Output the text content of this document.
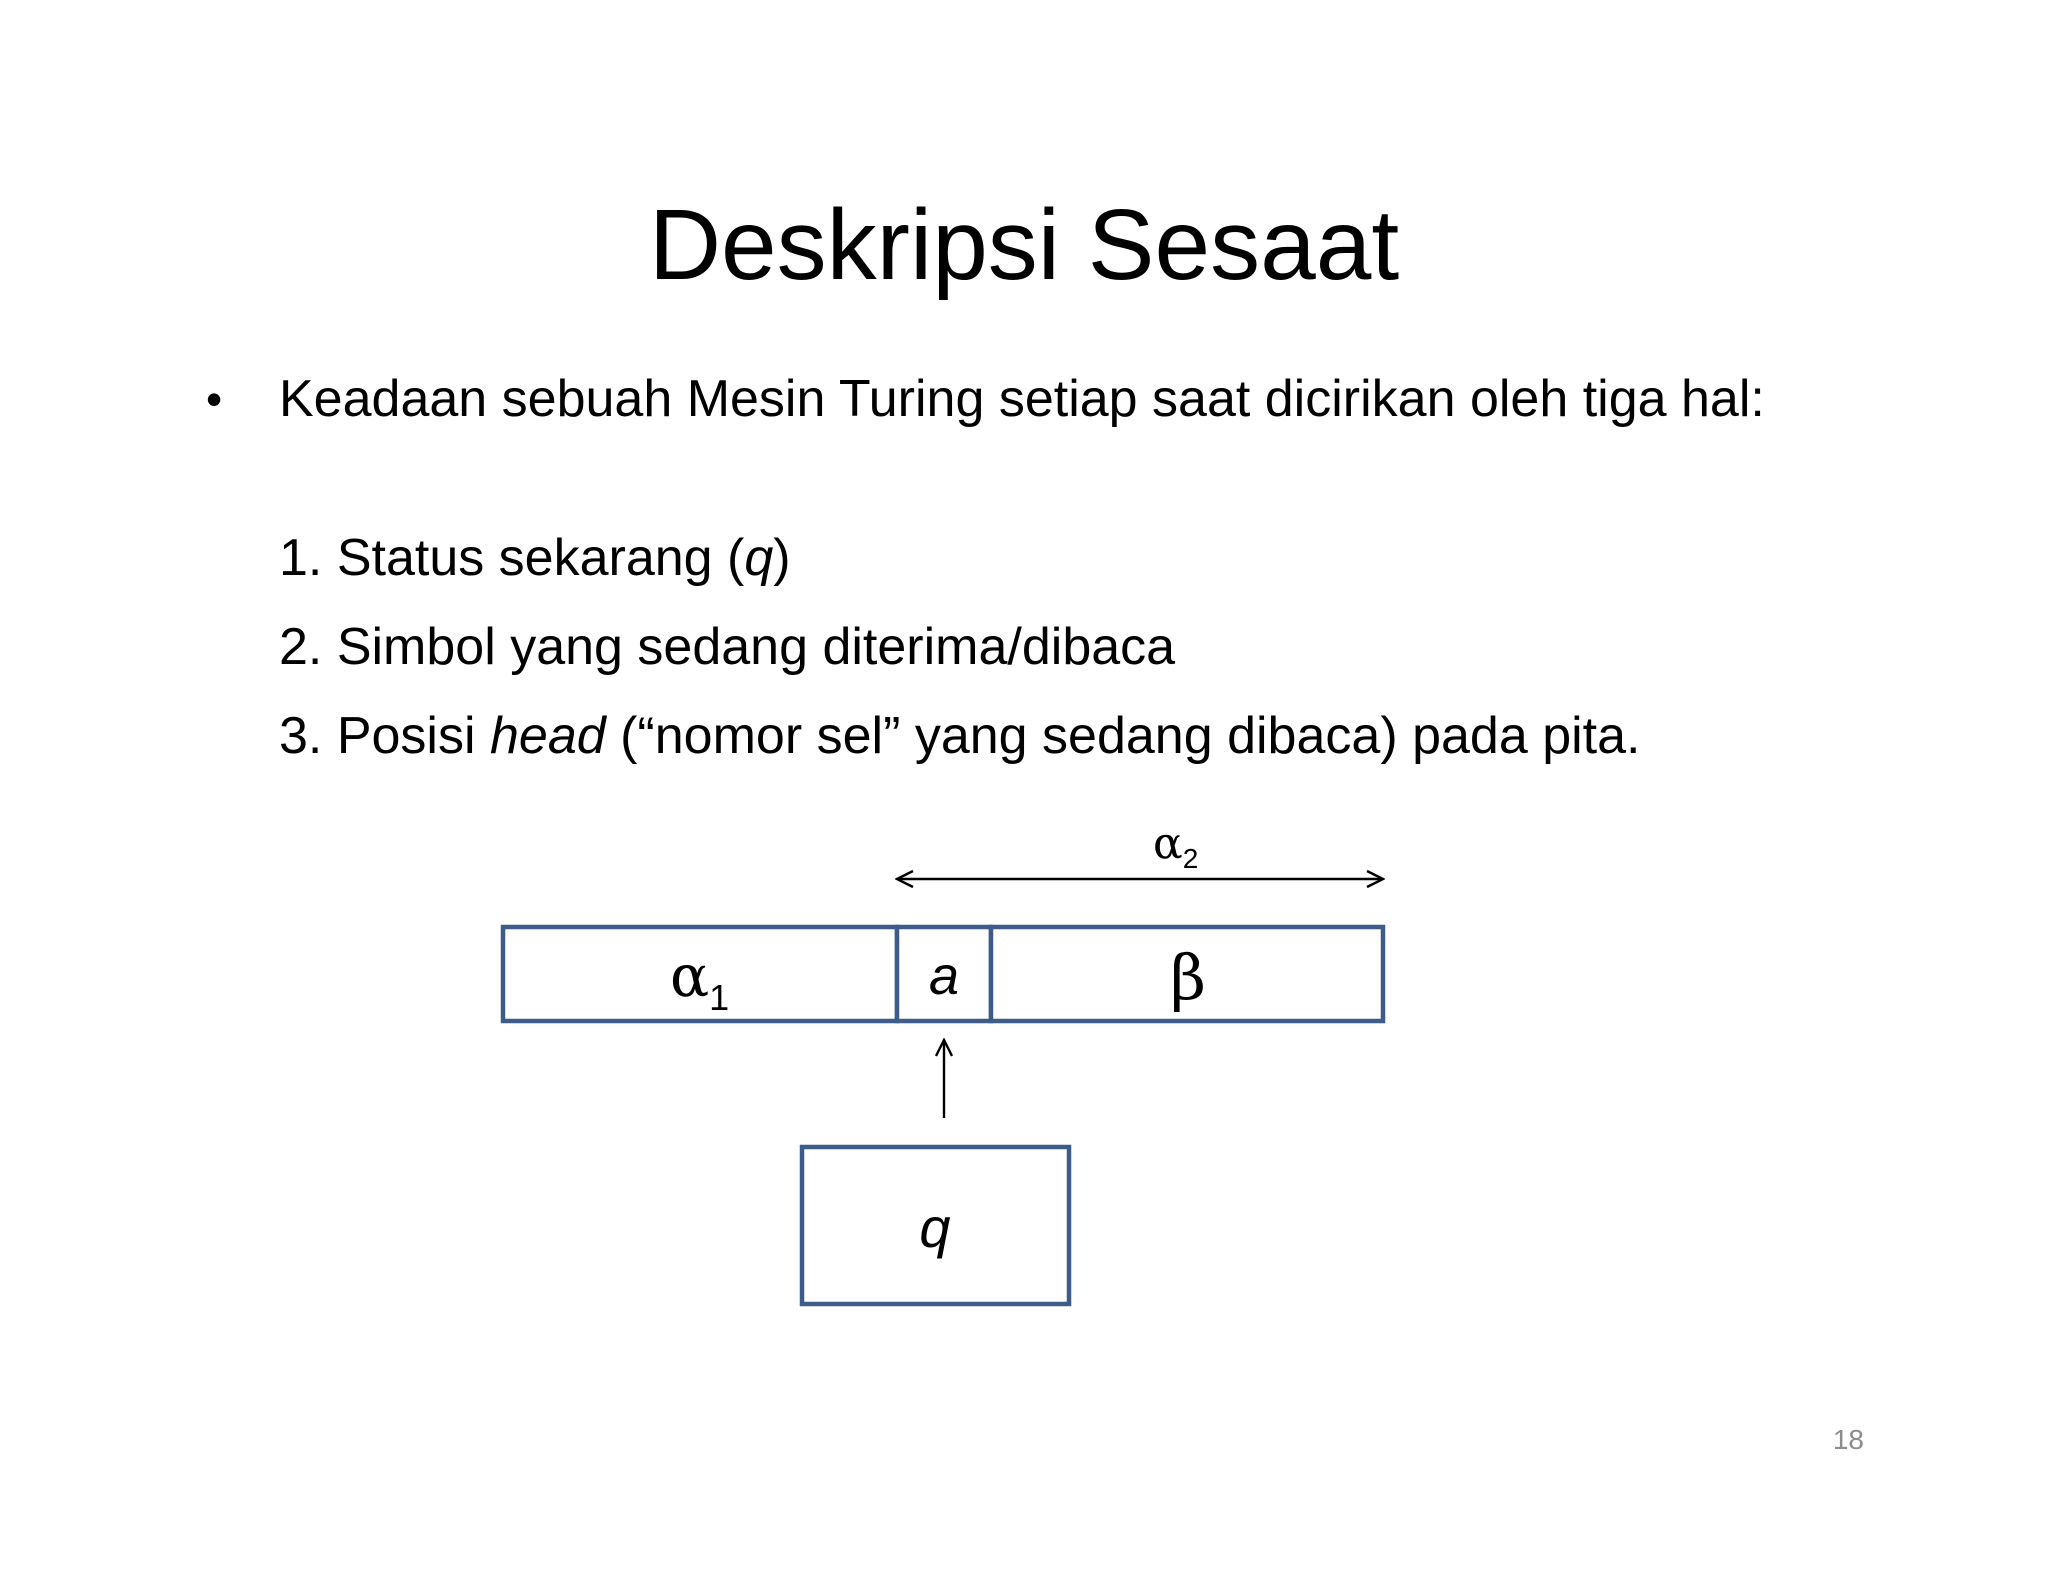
Deskripsi Sesaat
• Keadaan sebuah Mesin Turing setiap saat dicirikan oleh tiga hal:
1. Status sekarang (q)
2. Simbol yang sedang diterima/dibaca
3. Posisi head (“nomor sel” yang sedang dibaca) pada pita.
$\alpha_2$
$\alpha_1$	a	β
q
18
